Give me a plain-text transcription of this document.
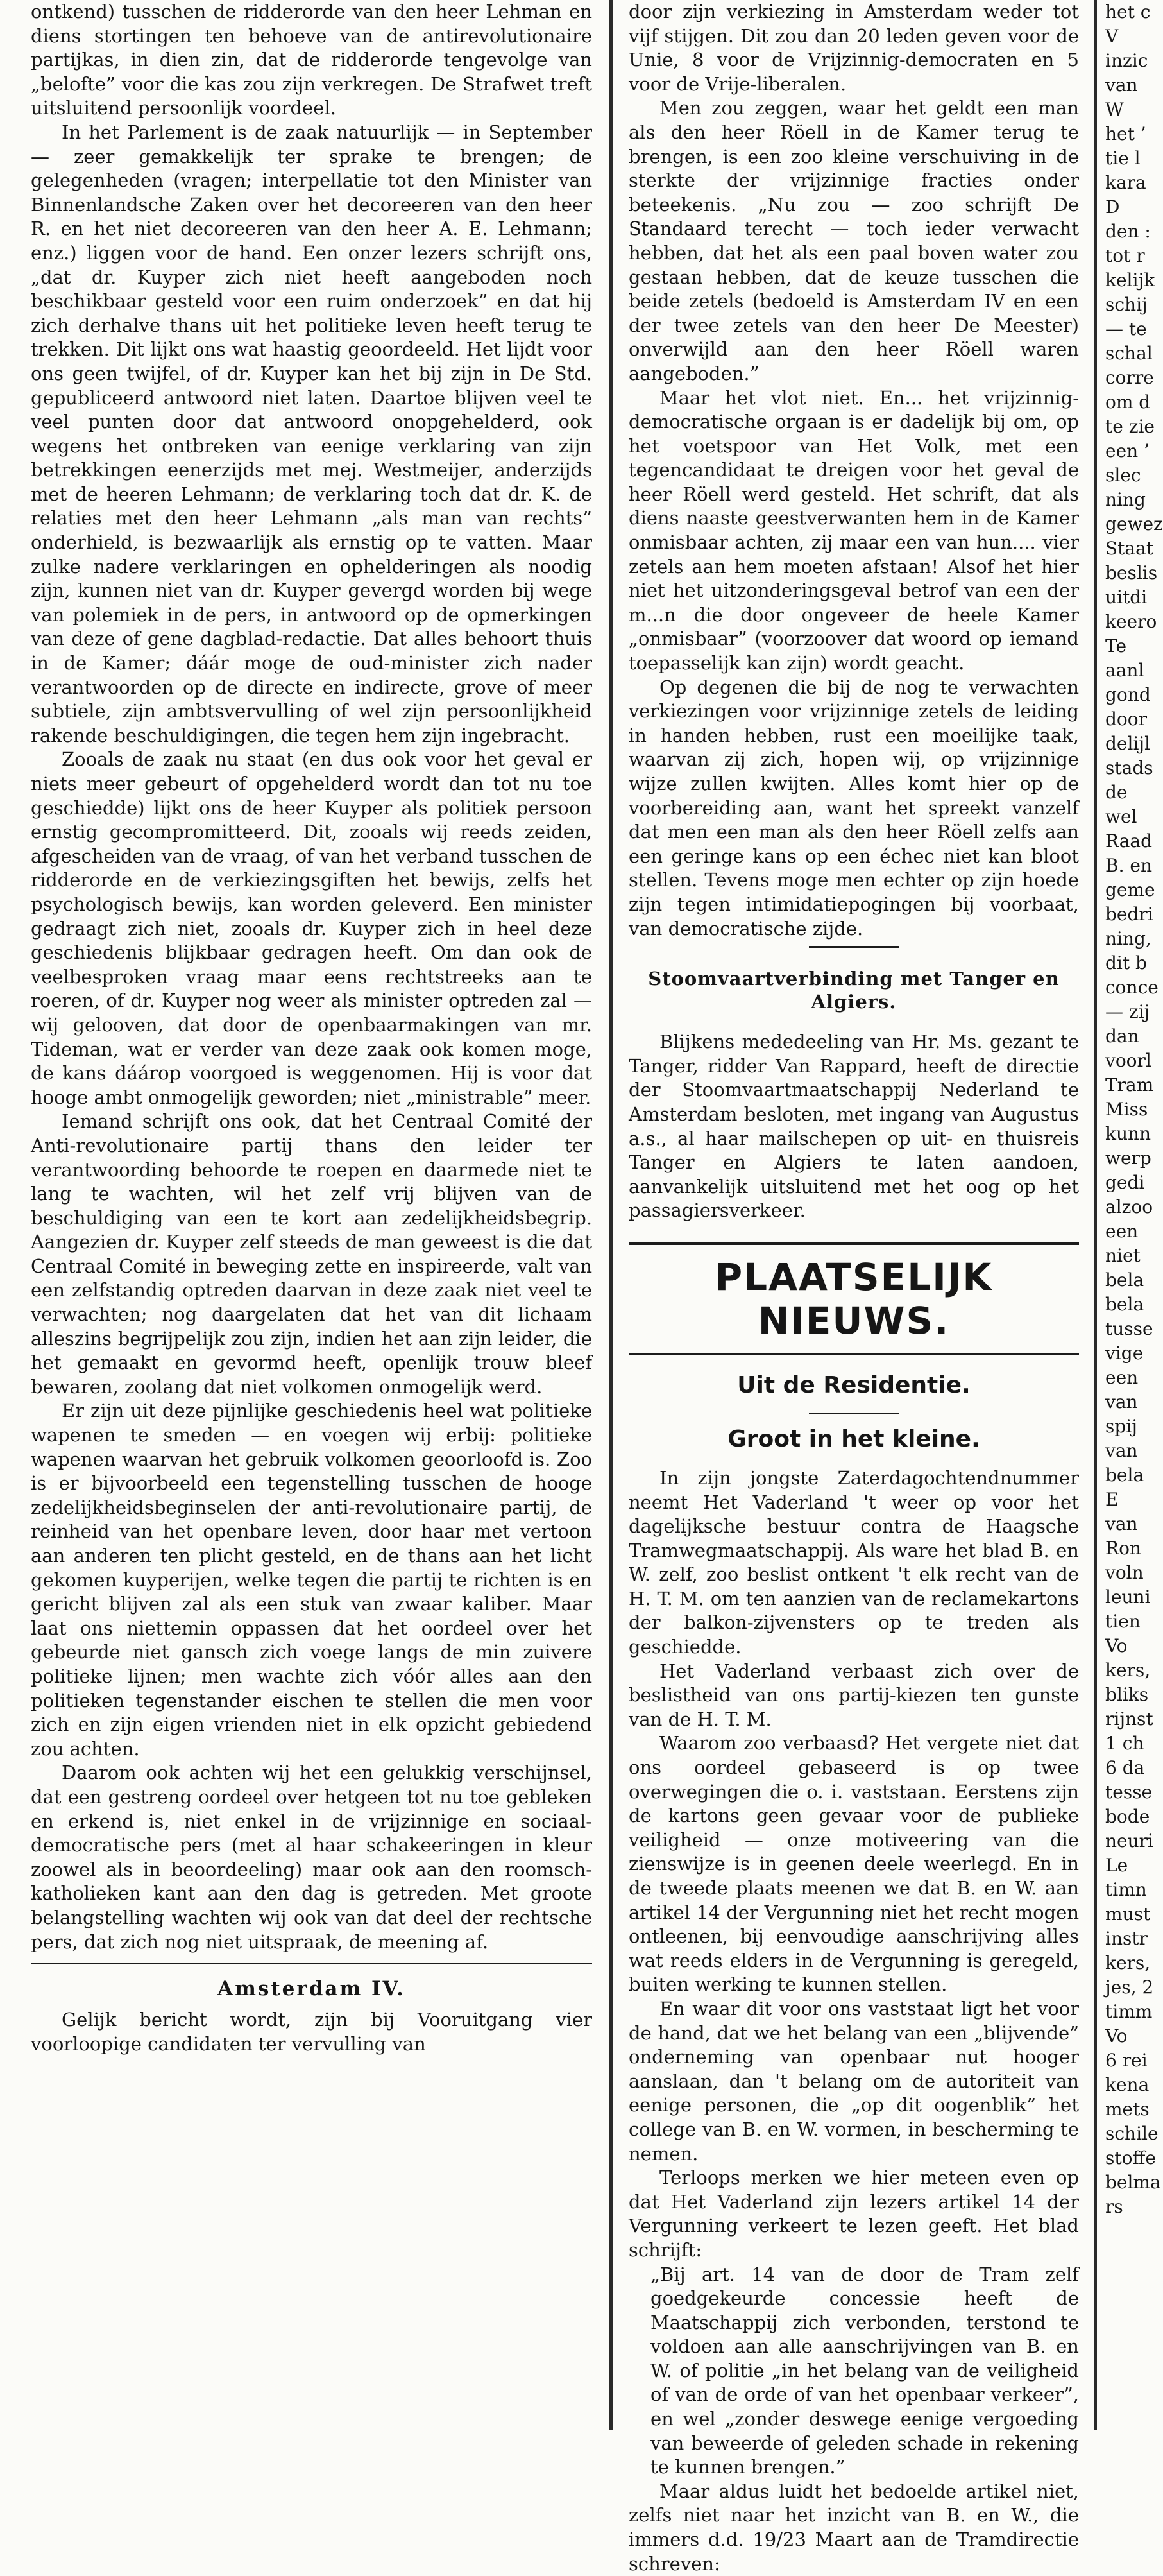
ontkend) tusschen de ridderorde van den heer Lehman en diens stortingen ten behoeve van de antirevolutionaire partijkas, in dien zin, dat de ridderorde tengevolge van „belofte” voor die kas zou zijn verkregen. De Strafwet treft uitsluitend persoonlijk voordeel.

In het Parlement is de zaak natuurlijk — in September — zeer gemakkelijk ter sprake te brengen; de gelegenheden (vragen; interpellatie tot den Minister van Binnenlandsche Zaken over het decoreeren van den heer R. en het niet decoreeren van den heer A. E. Lehmann; enz.) liggen voor de hand. Een onzer lezers schrijft ons, „dat dr. Kuyper zich niet heeft aangeboden noch beschikbaar gesteld voor een ruim onderzoek” en dat hij zich derhalve thans uit het politieke leven heeft terug te trekken. Dit lijkt ons wat haastig geoordeeld. Het lijdt voor ons geen twijfel, of dr. Kuyper kan het bij zijn in De Std. gepubliceerd antwoord niet laten. Daartoe blijven veel te veel punten door dat antwoord onopgehelderd, ook wegens het ontbreken van eenige verklaring van zijn betrekkingen eenerzijds met mej. Westmeijer, anderzijds met de heeren Lehmann; de verklaring toch dat dr. K. de relaties met den heer Lehmann „als man van rechts” onderhield, is bezwaarlijk als ernstig op te vatten. Maar zulke nadere verklaringen en ophelderingen als noodig zijn, kunnen niet van dr. Kuyper gevergd worden bij wege van polemiek in de pers, in antwoord op de opmerkingen van deze of gene dagblad-redactie. Dat alles behoort thuis in de Kamer; dáár moge de oud-minister zich nader verantwoorden op de directe en indirecte, grove of meer subtiele, zijn ambtsvervulling of wel zijn persoonlijkheid rakende beschuldigingen, die tegen hem zijn ingebracht.

Zooals de zaak nu staat (en dus ook voor het geval er niets meer gebeurt of opgehelderd wordt dan tot nu toe geschiedde) lijkt ons de heer Kuyper als politiek persoon ernstig gecompromitteerd. Dit, zooals wij reeds zeiden, afgescheiden van de vraag, of van het verband tusschen de ridderorde en de verkiezingsgiften het bewijs, zelfs het psychologisch bewijs, kan worden geleverd. Een minister gedraagt zich niet, zooals dr. Kuyper zich in heel deze geschiedenis blijkbaar gedragen heeft. Om dan ook de veelbesproken vraag maar eens rechtstreeks aan te roeren, of dr. Kuyper nog weer als minister optreden zal — wij gelooven, dat door de openbaarmakingen van mr. Tideman, wat er verder van deze zaak ook komen moge, de kans dáárop voorgoed is weggenomen. Hij is voor dat hooge ambt onmogelijk geworden; niet „ministrable” meer.

Iemand schrijft ons ook, dat het Centraal Comité der Anti-revolutionaire partij thans den leider ter verantwoording behoorde te roepen en daarmede niet te lang te wachten, wil het zelf vrij blijven van de beschuldiging van een te kort aan zedelijkheidsbegrip. Aangezien dr. Kuyper zelf steeds de man geweest is die dat Centraal Comité in beweging zette en inspireerde, valt van een zelfstandig optreden daarvan in deze zaak niet veel te verwachten; nog daargelaten dat het van dit lichaam alleszins begrijpelijk zou zijn, indien het aan zijn leider, die het gemaakt en gevormd heeft, openlijk trouw bleef bewaren, zoolang dat niet volkomen onmogelijk werd.

Er zijn uit deze pijnlijke geschiedenis heel wat politieke wapenen te smeden — en voegen wij erbij: politieke wapenen waarvan het gebruik volkomen geoorloofd is. Zoo is er bijvoorbeeld een tegenstelling tusschen de hooge zedelijkheidsbeginselen der anti-revolutionaire partij, de reinheid van het openbare leven, door haar met vertoon aan anderen ten plicht gesteld, en de thans aan het licht gekomen kuyperijen, welke tegen die partij te richten is en gericht blijven zal als een stuk van zwaar kaliber. Maar laat ons niettemin oppassen dat het oordeel over het gebeurde niet gansch zich voege langs de min zuivere politieke lijnen; men wachte zich vóór alles aan den politieken tegenstander eischen te stellen die men voor zich en zijn eigen vrienden niet in elk opzicht gebiedend zou achten.

Daarom ook achten wij het een gelukkig verschijnsel, dat een gestreng oordeel over hetgeen tot nu toe gebleken en erkend is, niet enkel in de vrijzinnige en sociaal-democratische pers (met al haar schakeeringen in kleur zoowel als in beoordeeling) maar ook aan den roomsch-katholieken kant aan den dag is getreden. Met groote belangstelling wachten wij ook van dat deel der rechtsche pers, dat zich nog niet uitspraak, de meening af.

Amsterdam IV.

Gelijk bericht wordt, zijn bij Vooruitgang vier voorloopige candidaten ter vervulling van

door zijn verkiezing in Amsterdam weder tot vijf stijgen. Dit zou dan 20 leden geven voor de Unie, 8 voor de Vrijzinnig-democraten en 5 voor de Vrije-liberalen.

Men zou zeggen, waar het geldt een man als den heer Röell in de Kamer terug te brengen, is een zoo kleine verschuiving in de sterkte der vrijzinnige fracties onder beteekenis. „Nu zou — zoo schrijft De Standaard terecht — toch ieder verwacht hebben, dat het als een paal boven water zou gestaan hebben, dat de keuze tusschen die beide zetels (bedoeld is Amsterdam IV en een der twee zetels van den heer De Meester) onverwijld aan den heer Röell waren aangeboden.”

Maar het vlot niet. En... het vrijzinnig-democratische orgaan is er dadelijk bij om, op het voetspoor van Het Volk, met een tegencandidaat te dreigen voor het geval de heer Röell werd gesteld. Het schrift, dat als diens naaste geestverwanten hem in de Kamer onmisbaar achten, zij maar een van hun.... vier zetels aan hem moeten afstaan! Alsof het hier niet het uitzonderingsgeval betrof van een der m...n die door ongeveer de heele Kamer „onmisbaar” (voorzoover dat woord op iemand toepasselijk kan zijn) wordt geacht.

Op degenen die bij de nog te verwachten verkiezingen voor vrijzinnige zetels de leiding in handen hebben, rust een moeilijke taak, waarvan zij zich, hopen wij, op vrijzinnige wijze zullen kwijten. Alles komt hier op de voorbereiding aan, want het spreekt vanzelf dat men een man als den heer Röell zelfs aan een geringe kans op een échec niet kan bloot stellen. Tevens moge men echter op zijn hoede zijn tegen intimidatiepogingen bij voorbaat, van democratische zijde.

Stoomvaartverbinding met Tanger en Algiers.

Blijkens mededeeling van Hr. Ms. gezant te Tanger, ridder Van Rappard, heeft de directie der Stoomvaartmaatschappij Nederland te Amsterdam besloten, met ingang van Augustus a.s., al haar mailschepen op uit- en thuisreis Tanger en Algiers te laten aandoen, aanvankelijk uitsluitend met het oog op het passagiersverkeer.

PLAATSELIJK NIEUWS.
Uit de Residentie.
Groot in het kleine.

In zijn jongste Zaterdagochtendnummer neemt Het Vaderland 't weer op voor het dagelijksche bestuur contra de Haagsche Tramwegmaatschappij. Als ware het blad B. en W. zelf, zoo beslist ontkent 't elk recht van de H. T. M. om ten aanzien van de reclamekartons der balkon-zijvensters op te treden als geschiedde.

Het Vaderland verbaast zich over de beslistheid van ons partij-kiezen ten gunste van de H. T. M.

Waarom zoo verbaasd? Het vergete niet dat ons oordeel gebaseerd is op twee overwegingen die o. i. vaststaan. Eerstens zijn de kartons geen gevaar voor de publieke veiligheid — onze motiveering van die zienswijze is in geenen deele weerlegd. En in de tweede plaats meenen we dat B. en W. aan artikel 14 der Vergunning niet het recht mogen ontleenen, bij eenvoudige aanschrijving alles wat reeds elders in de Vergunning is geregeld, buiten werking te kunnen stellen.

En waar dit voor ons vaststaat ligt het voor de hand, dat we het belang van een „blijvende” onderneming van openbaar nut hooger aanslaan, dan 't belang om de autoriteit van eenige personen, die „op dit oogenblik” het college van B. en W. vormen, in bescherming te nemen.

Terloops merken we hier meteen even op dat Het Vaderland zijn lezers artikel 14 der Vergunning verkeert te lezen geeft. Het blad schrijft:

„Bij art. 14 van de door de Tram zelf goedgekeurde concessie heeft de Maatschappij zich verbonden, terstond te voldoen aan alle aanschrijvingen van B. en W. of politie „in het belang van de veiligheid of van de orde of van het openbaar verkeer”, en wel „zonder deswege eenige vergoeding van beweerde of geleden schade in rekening te kunnen brengen.”

Maar aldus luidt het bedoelde artikel niet, zelfs niet naar het inzicht van B. en W., die immers d.d. 19/23 Maart aan de Tramdirectie schreven:

het c
V
inzic
van
W
het ’
tie l
kara
D
den :
tot r
kelijk
schij
— te
schal
corre
om d
te zie
een ’
slec
ning
gewez
Staat
beslis
uitdi
keero
Te
aanl
gond
door
delijl
stads
de
wel
Raad
B. en
geme
bedri
ning,
dit b
conce
— zij
dan
voorl
Tram
Miss
kunn
werp
gedi
alzoo
een
niet
bela
bela
tusse
vige
een
van
spij
van
bela
E
van
Ron
voln
leuni
tien
Vo
kers,
bliks
rijnst
1 ch
6 da
tesse
bode
neuri
Le
timn
must
instr
kers,
jes, 2
timm
Vo
6 rei
kena
mets
schile
stoffe
belma
rs
